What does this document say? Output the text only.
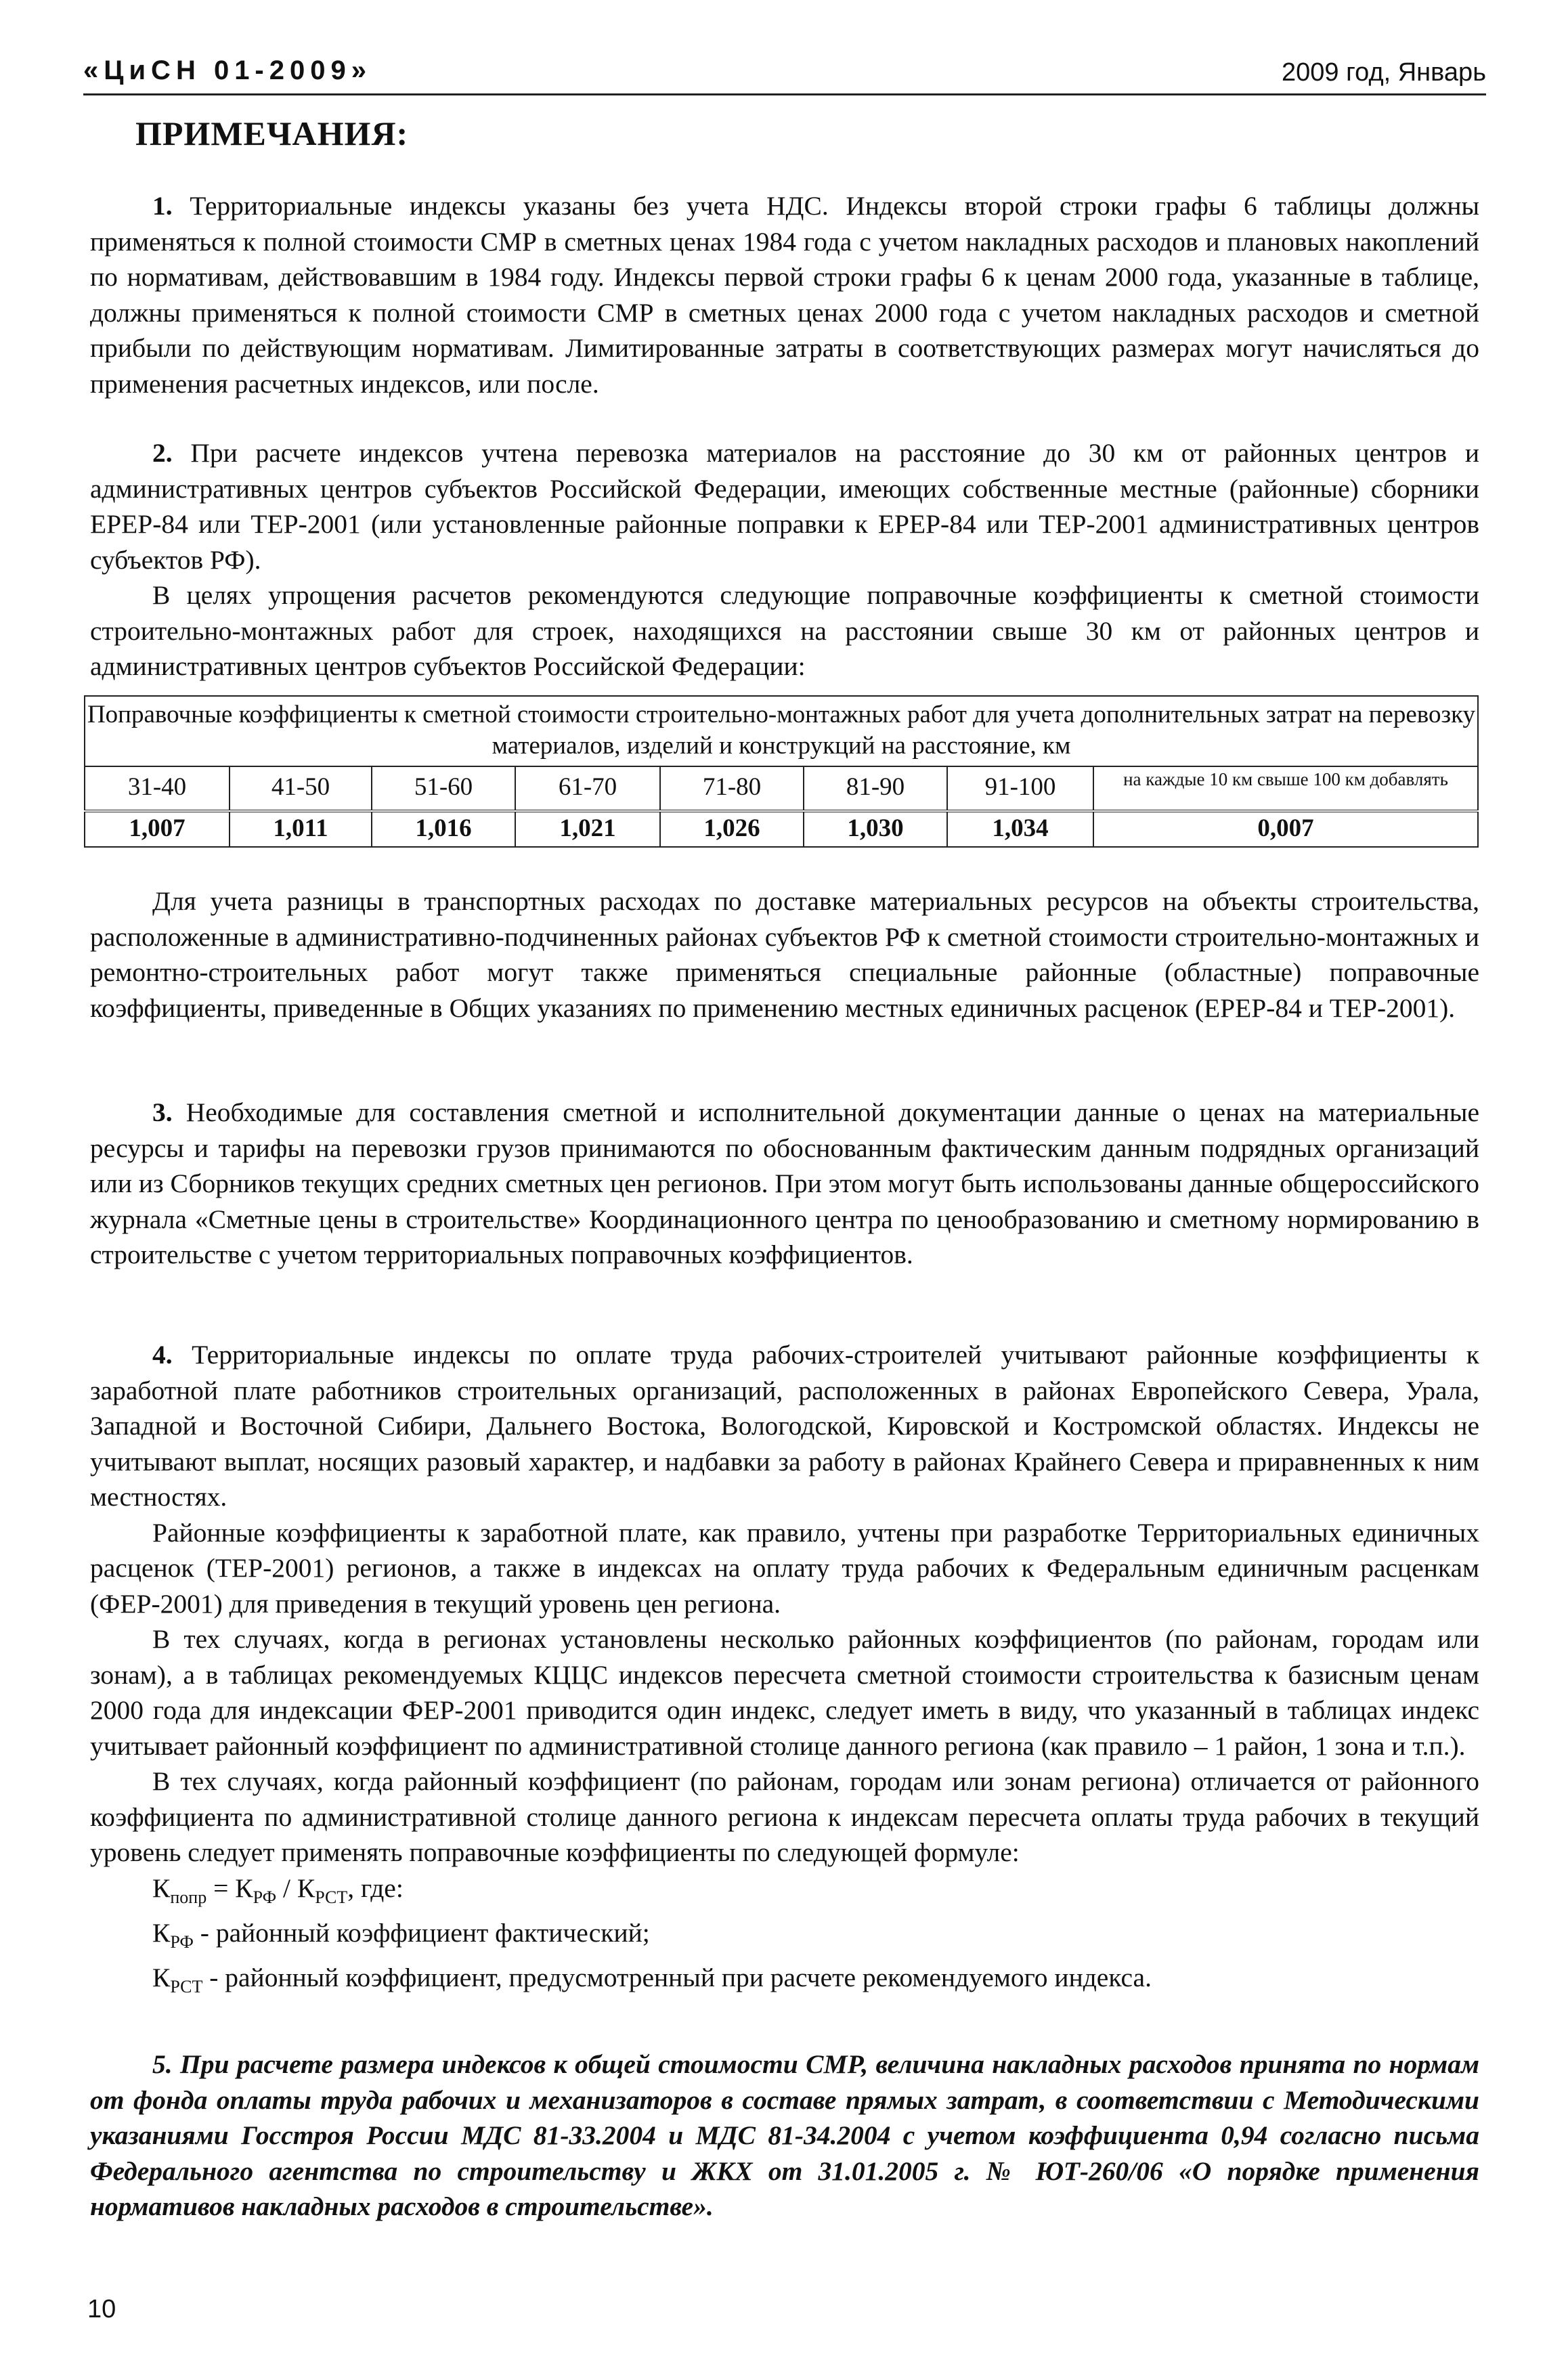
«ЦиСН 01-2009»	2009 год, Январь
ПРИМЕЧАНИЯ:

1. Территориальные индексы указаны без учета НДС. Индексы второй строки графы 6 таблицы должны применяться к полной стоимости СМР в сметных ценах 1984 года с учетом накладных расходов и плановых накоплений по нормативам, действовавшим в 1984 году. Индексы первой строки графы 6 к ценам 2000 года, указанные в таблице, должны применяться к полной стоимости СМР в сметных ценах 2000 года с учетом накладных расходов и сметной прибыли по действующим нормативам. Лимитированные затраты в соответствующих размерах могут начисляться до применения расчетных индексов, или после.

2. При расчете индексов учтена перевозка материалов на расстояние до 30 км от районных центров и административных центров субъектов Российской Федерации, имеющих собственные местные (районные) сборники ЕРЕР-84 или ТЕР-2001 (или установленные районные поправки к ЕРЕР-84 или ТЕР-2001 административных центров субъектов РФ).

В целях упрощения расчетов рекомендуются следующие поправочные коэффициенты к сметной стоимости строительно-монтажных работ для строек, находящихся на расстоянии свыше 30 км от районных центров и административных центров субъектов Российской Федерации:

Поправочные коэффициенты к сметной стоимости строительно-монтажных работ для учета дополнительных затрат на перевозку материалов, изделий и конструкций на расстояние, км							
31-40	41-50	51-60	61-70	71-80	81-90	91-100	на каждые 10 км свыше 100 км добавлять
1,007	1,011	1,016	1,021	1,026	1,030	1,034	0,007

Для учета разницы в транспортных расходах по доставке материальных ресурсов на объекты строительства, расположенные в административно-подчиненных районах субъектов РФ к сметной стоимости строительно-монтажных и ремонтно-строительных работ могут также применяться специальные районные (областные) поправочные коэффициенты, приведенные в Общих указаниях по применению местных единичных расценок (ЕРЕР-84 и ТЕР-2001).

3. Необходимые для составления сметной и исполнительной документации данные о ценах на материальные ресурсы и тарифы на перевозки грузов принимаются по обоснованным фактическим данным подрядных организаций или из Сборников текущих средних сметных цен регионов. При этом могут быть использованы данные общероссийского журнала «Сметные цены в строительстве» Координационного центра по ценообразованию и сметному нормированию в строительстве с учетом территориальных поправочных коэффициентов.

4. Территориальные индексы по оплате труда рабочих-строителей учитывают районные коэффициенты к заработной плате работников строительных организаций, расположенных в районах Европейского Севера, Урала, Западной и Восточной Сибири, Дальнего Востока, Вологодской, Кировской и Костромской областях. Индексы не учитывают выплат, носящих разовый характер, и надбавки за работу в районах Крайнего Севера и приравненных к ним местностях.

Районные коэффициенты к заработной плате, как правило, учтены при разработке Территориальных единичных расценок (ТЕР-2001) регионов, а также в индексах на оплату труда рабочих к Федеральным единичным расценкам (ФЕР-2001) для приведения в текущий уровень цен региона.

В тех случаях, когда в регионах установлены несколько районных коэффициентов (по районам, городам или зонам), а в таблицах рекомендуемых КЦЦС индексов пересчета сметной стоимости строительства к базисным ценам 2000 года для индексации ФЕР-2001 приводится один индекс, следует иметь в виду, что указанный в таблицах индекс учитывает районный коэффициент по административной столице данного региона (как правило – 1 район, 1 зона и т.п.).

В тех случаях, когда районный коэффициент (по районам, городам или зонам региона) отличается от районного коэффициента по административной столице данного региона к индексам пересчета оплаты труда рабочих в текущий уровень следует применять поправочные коэффициенты по следующей формуле:

$К_{попр} = К_{РФ} / К_{РСТ}$, где:

$К_{РФ}$ - районный коэффициент фактический;

$К_{РСТ}$ - районный коэффициент, предусмотренный при расчете рекомендуемого индекса.

5. При расчете размера индексов к общей стоимости СМР, величина накладных расходов принята по нормам от фонда оплаты труда рабочих и механизаторов в составе прямых затрат, в соответствии с Методическими указаниями Госстроя России МДС 81-33.2004 и МДС 81-34.2004 с учетом коэффициента 0,94 согласно письма Федерального агентства по строительству и ЖКХ от 31.01.2005 г. № ЮТ-260/06 «О порядке применения нормативов накладных расходов в строительстве».

10
